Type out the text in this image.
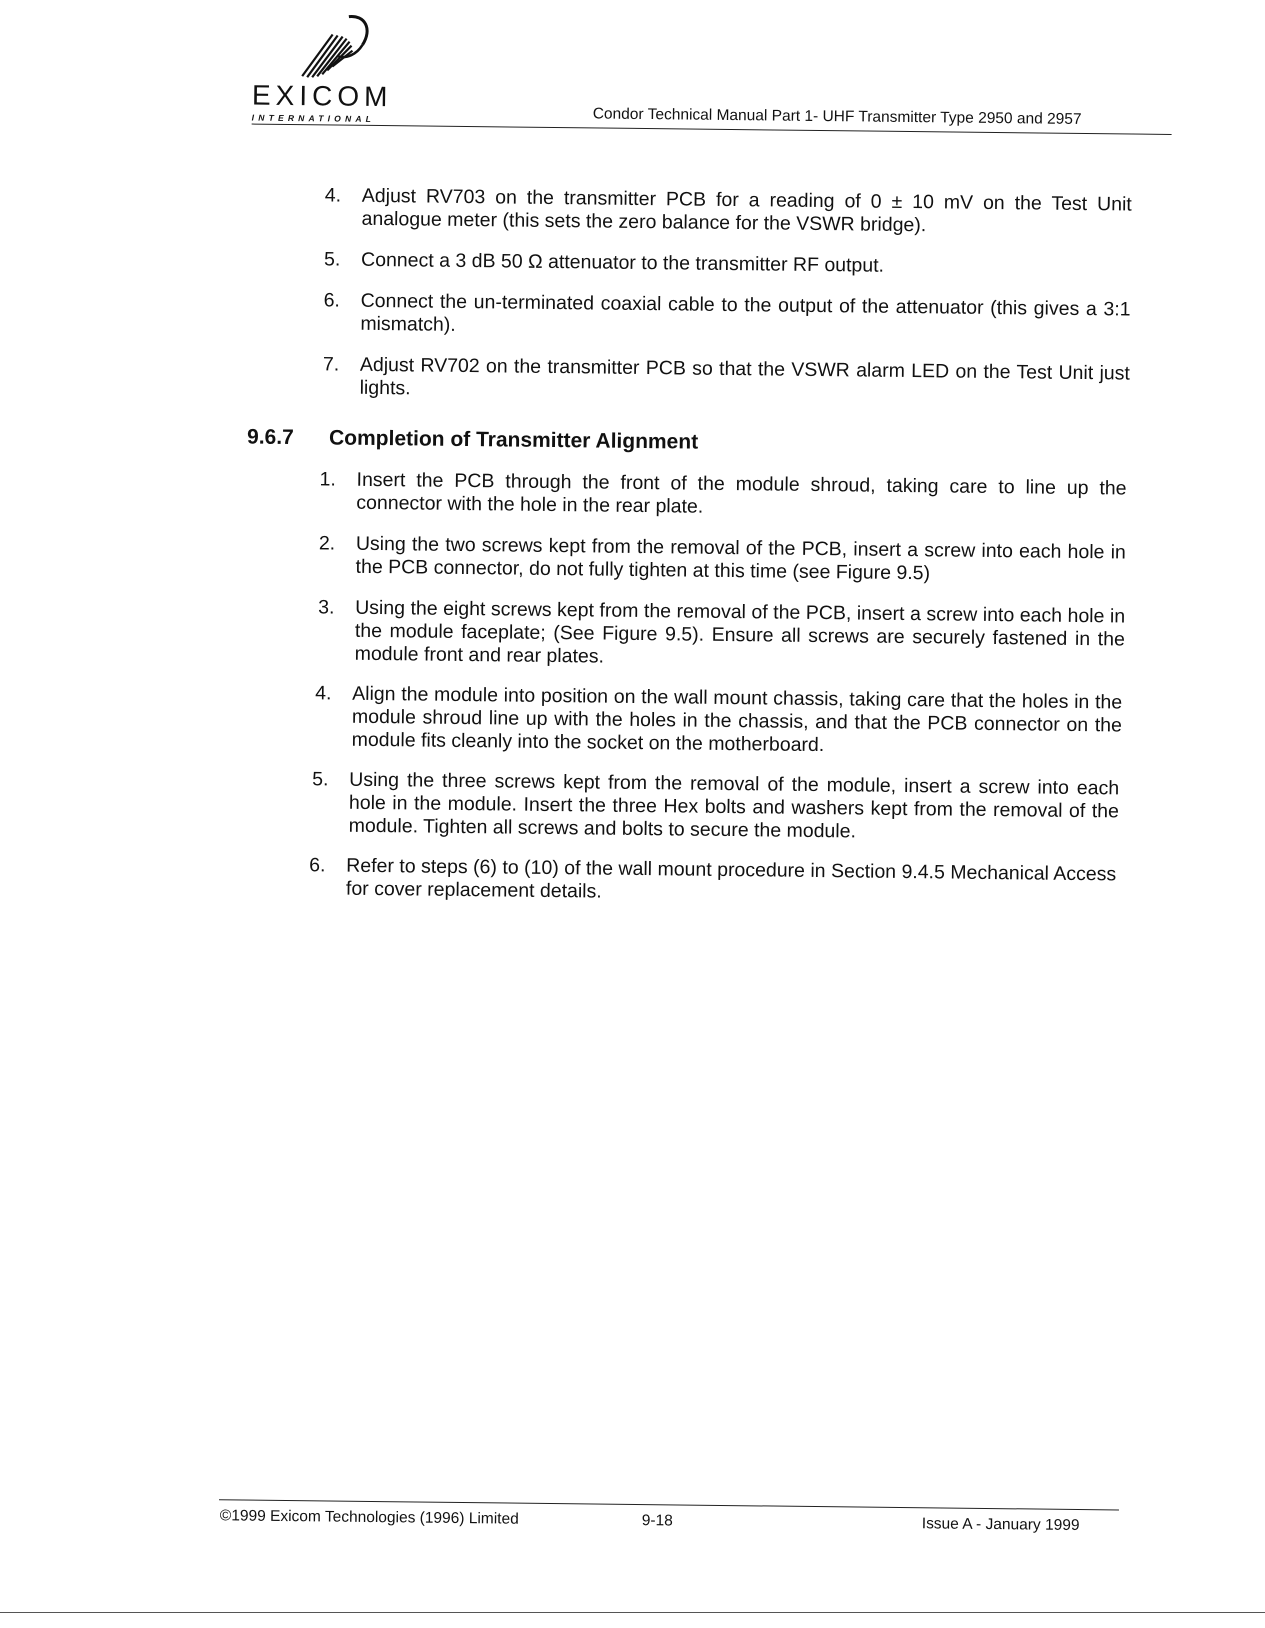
EXICOM
INTERNATIONAL	Condor Technical Manual Part 1- UHF Transmitter Type 2950 and 2957
4.	Adjust RV703 on the transmitter PCB for a reading of 0 ± 10 mV on the Test Unit analogue meter (this sets the zero balance for the VSWR bridge).
5.	Connect a 3 dB 50 Ω attenuator to the transmitter RF output.
6.	Connect the un-terminated coaxial cable to the output of the attenuator (this gives a 3:1 mismatch).
7.	Adjust RV702 on the transmitter PCB so that the VSWR alarm LED on the Test Unit just lights.
9.6.7 Completion of Transmitter Alignment
1.	Insert the PCB through the front of the module shroud, taking care to line up the connector with the hole in the rear plate.
2.	Using the two screws kept from the removal of the PCB, insert a screw into each hole in the PCB connector, do not fully tighten at this time (see Figure 9.5)
3.	Using the eight screws kept from the removal of the PCB, insert a screw into each hole in the module faceplate; (See Figure 9.5). Ensure all screws are securely fastened in the module front and rear plates.
4.	Align the module into position on the wall mount chassis, taking care that the holes in the module shroud line up with the holes in the chassis, and that the PCB connector on the module fits cleanly into the socket on the motherboard.
5.	Using the three screws kept from the removal of the module, insert a screw into each hole in the module. Insert the three Hex bolts and washers kept from the removal of the module. Tighten all screws and bolts to secure the module.
6.	Refer to steps (6) to (10) of the wall mount procedure in Section 9.4.5 Mechanical Access for cover replacement details.
©1999 Exicom Technologies (1996) Limited	9-18	Issue A - January 1999
